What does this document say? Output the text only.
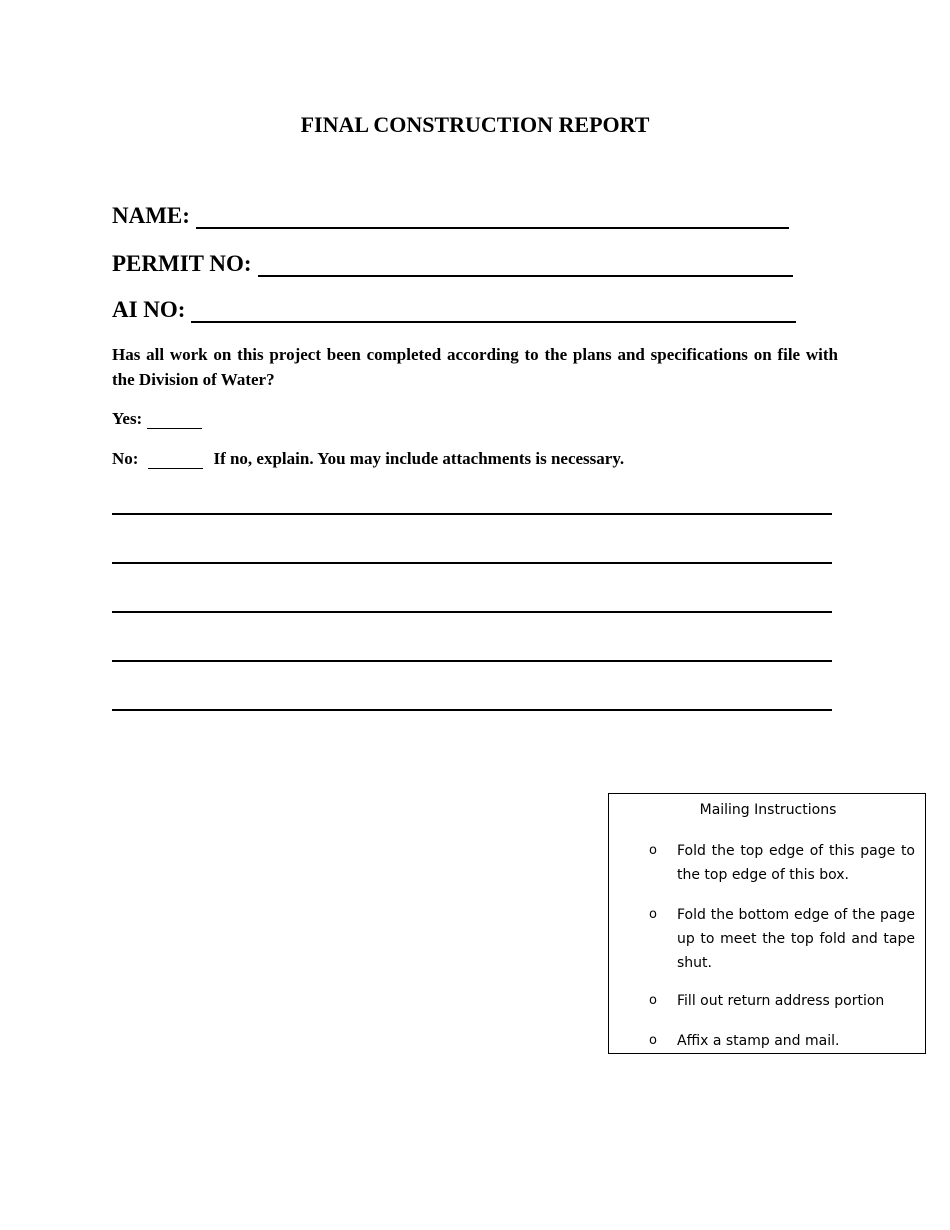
FINAL CONSTRUCTION REPORT
NAME:
PERMIT NO:
AI NO:
Has all work on this project been completed according to the plans and specifications on file with the Division of Water?
Yes:
No:	If no, explain. You may include attachments is necessary.
Mailing Instructions
o	Fold the top edge of this page to the top edge of this box.
o	Fold the bottom edge of the page up to meet the top fold and tape shut.
o	Fill out return address portion
o	Affix a stamp and mail.
